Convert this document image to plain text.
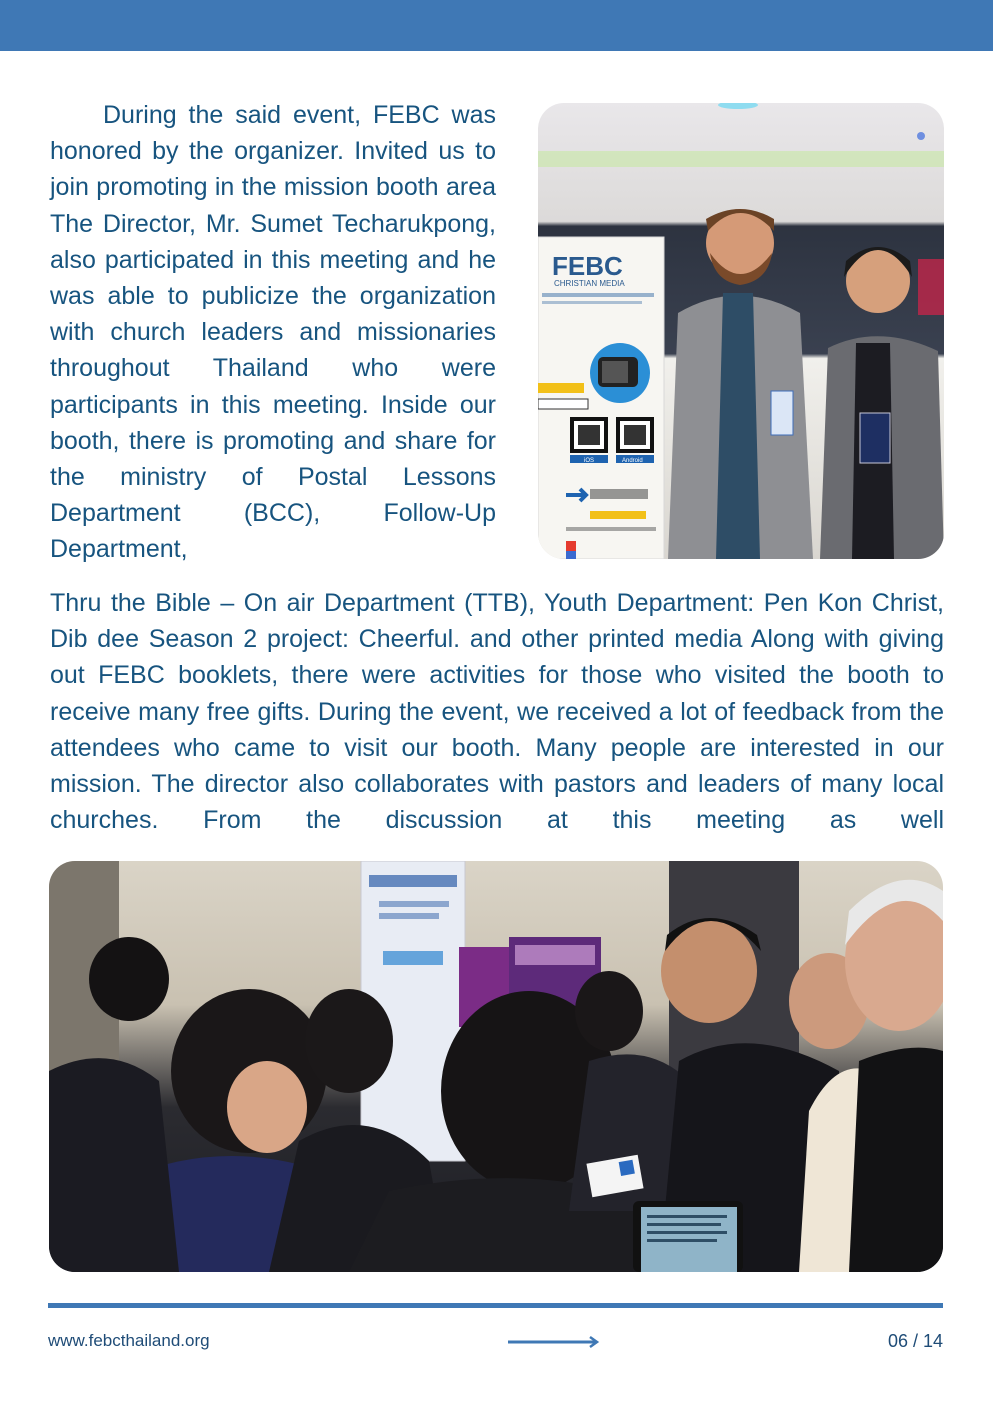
During the said event, FEBC was honored by the organizer. Invited us to join promoting in the mission booth area The Director, Mr. Sumet Techarukpong, also participated in this meeting and he was able to publicize the organization with church leaders and missionaries throughout Thailand who were participants in this meeting. Inside our booth, there is promoting and share for the ministry of Postal Lessons Department (BCC), Follow-Up Department,

FEBC
CHRISTIAN MEDIA
iOS	Android

Thru the Bible – On air Department (TTB), Youth Department: Pen Kon Christ, Dib dee Season 2 project: Cheerful. and other printed media Along with giving out FEBC booklets, there were activities for those who visited the booth to receive many free gifts. During the event, we received a lot of feedback from the attendees who came to visit our booth. Many people are interested in our mission. The director also collaborates with pastors and leaders of many local churches. From the discussion at this meeting as well

www.febcthailand.org	06 / 14
